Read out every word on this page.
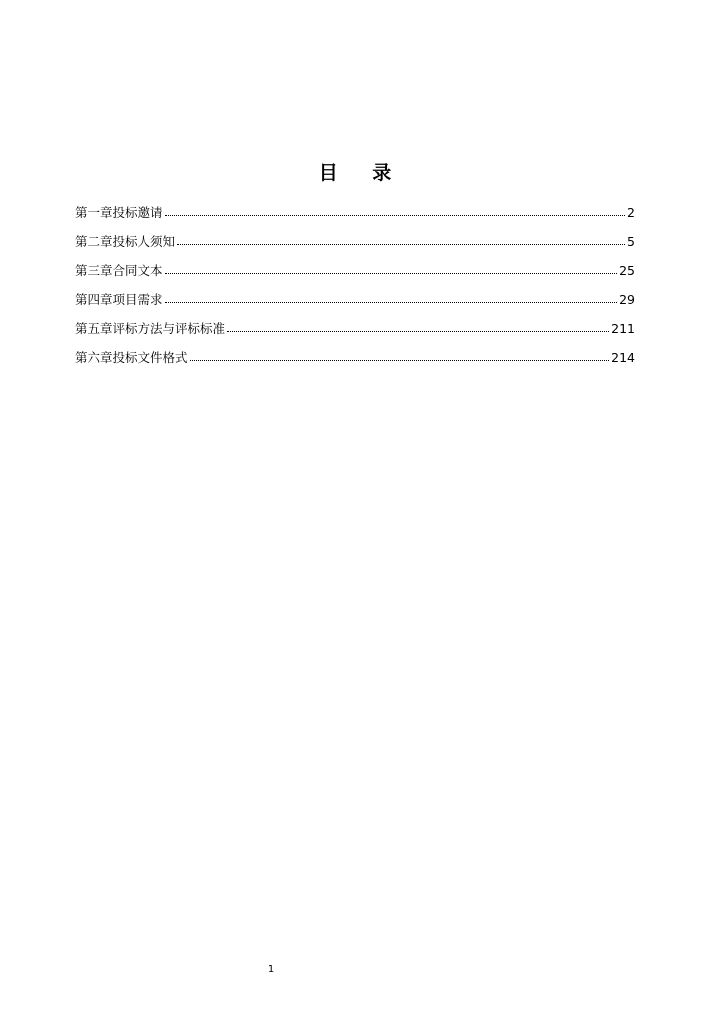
目 录
第一章投标邀请	2
第二章投标人须知	5
第三章合同文本	25
第四章项目需求	29
第五章评标方法与评标标准	211
第六章投标文件格式	214
1
